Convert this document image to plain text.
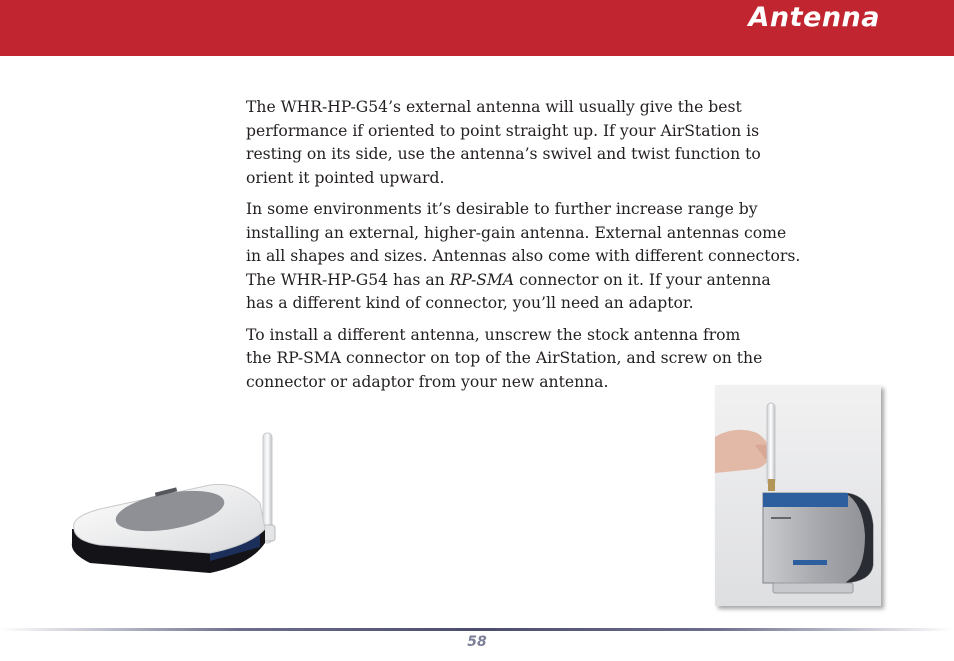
Antenna

The WHR-HP-G54’s external antenna will usually give the best
performance if oriented to point straight up. If your AirStation is
resting on its side, use the antenna’s swivel and twist function to
orient it pointed upward.

In some environments it’s desirable to further increase range by
installing an external, higher-gain antenna. External antennas come
in all shapes and sizes. Antennas also come with different connectors.
The WHR-HP-G54 has an RP-SMA connector on it. If your antenna
has a different kind of connector, you’ll need an adaptor.

To install a different antenna, unscrew the stock antenna from
the RP-SMA connector on top of the AirStation, and screw on the
connector or adaptor from your new antenna.

58
